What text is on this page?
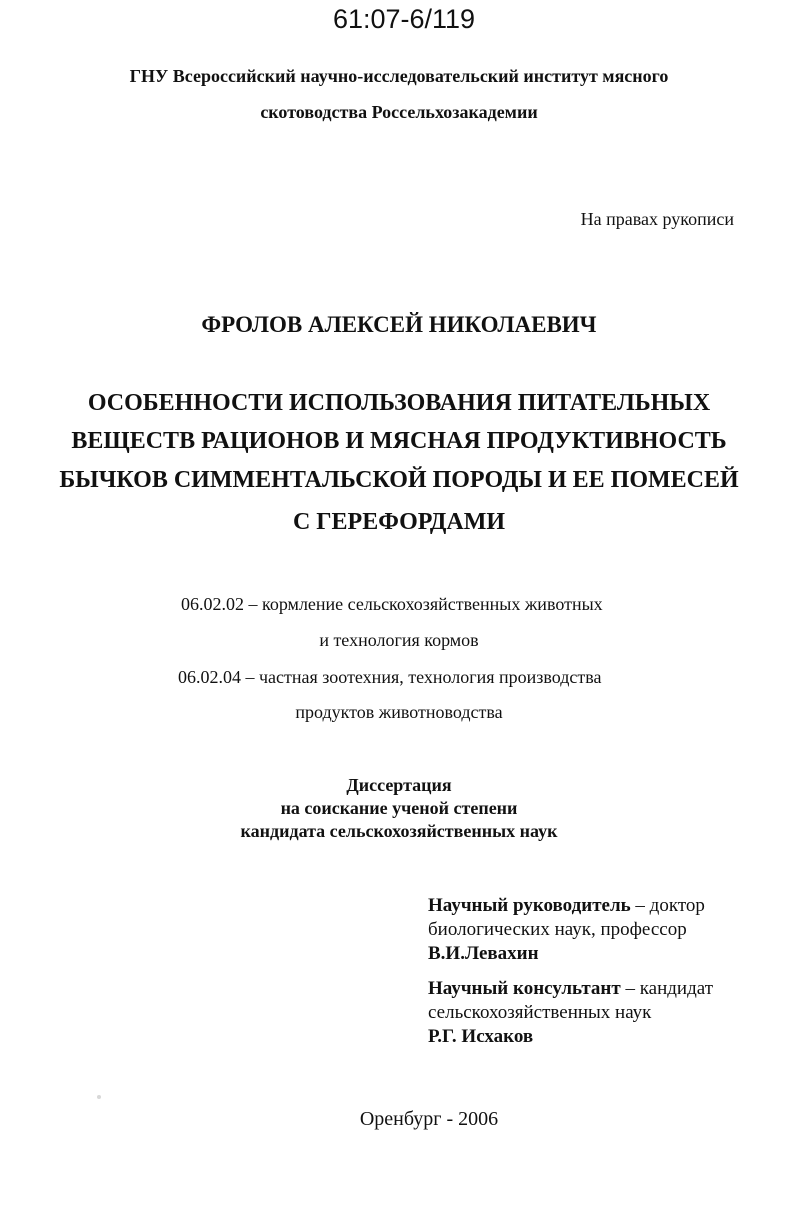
61:07-6/119
ГНУ Всероссийский научно-исследовательский институт мясного
скотоводства Россельхозакадемии
На правах рукописи
ФРОЛОВ АЛЕКСЕЙ НИКОЛАЕВИЧ
ОСОБЕННОСТИ ИСПОЛЬЗОВАНИЯ ПИТАТЕЛЬНЫХ
ВЕЩЕСТВ РАЦИОНОВ И МЯСНАЯ ПРОДУКТИВНОСТЬ
БЫЧКОВ СИММЕНТАЛЬСКОЙ ПОРОДЫ И ЕЕ ПОМЕСЕЙ
С ГЕРЕФОРДАМИ
06.02.02 – кормление сельскохозяйственных животных
и технология кормов
06.02.04 – частная зоотехния, технология производства
продуктов животноводства
Диссертация
на соискание ученой степени
кандидата сельскохозяйственных наук
Научный руководитель – доктор
биологических наук, профессор
В.И.Левахин
Научный консультант – кандидат
сельскохозяйственных наук
Р.Г. Исхаков
Оренбург - 2006
